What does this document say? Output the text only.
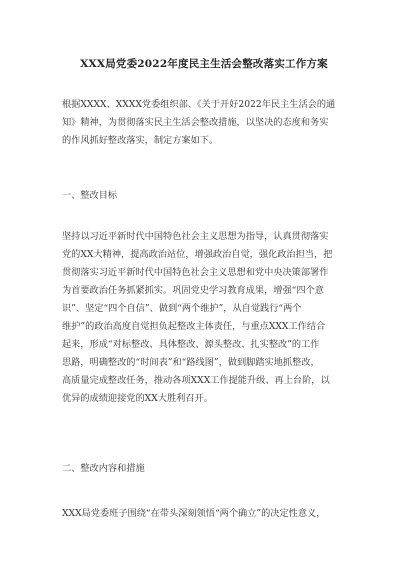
XXX局党委2022年度民主生活会整改落实工作方案
根据XXXX、XXXX党委组织部、《关于开好2022年民主生活会的通
知》精神，为贯彻落实民主生活会整改措施，以坚决的态度和务实
的作风抓好整改落实，制定方案如下。
一、整改目标
坚持以习近平新时代中国特色社会主义思想为指导，认真贯彻落实
党的XX大精神，提高政治站位，增强政治自觉，强化政治担当，把
贯彻落实习近平新时代中国特色社会主义思想和党中央决策部署作
为首要政治任务抓紧抓实。巩固党史学习教育成果，增强“四个意
识”、坚定“四个自信”、做到“两个维护”，从自觉践行“两个
维护”的政治高度自觉担负起整改主体责任，与重点XXX工作结合
起来，形成“对标整改、具体整改、源头整改、扎实整改”的工作
思路，明确整改的“时间表”和“路线图”，做到脚踏实地抓整改，
高质量完成整改任务，推动各项XXX工作提能升级、再上台阶，以
优异的成绩迎接党的XX大胜利召开。
二、整改内容和措施
XXX局党委班子围绕“在带头深刻领悟“两个确立”的决定性意义，
